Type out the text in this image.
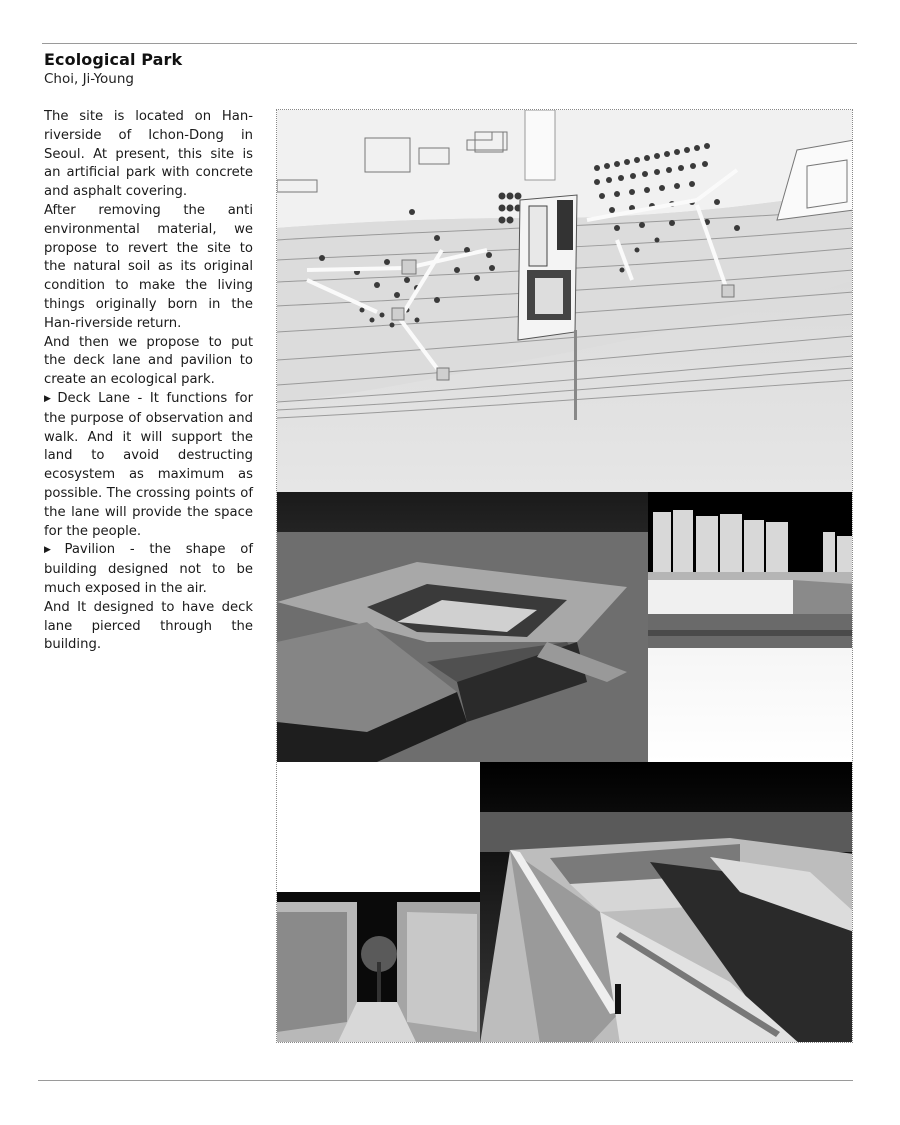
Ecological Park
Choi, Ji-Young

The site is located on Han-riverside of Ichon-Dong in Seoul. At present, this site is an artificial park with concrete and asphalt covering.

After removing the anti environmental material, we propose to revert the site to the natural soil as its original condition to make the living things originally born in the Han-riverside return.

And then we propose to put the deck lane and pavilion to create an ecological park.

▶ Deck Lane - It functions for the purpose of observation and walk. And it will support the land to avoid destructing ecosystem as maximum as possible. The crossing points of the lane will provide the space for the people.

▶ Pavilion - the shape of building designed not to be much exposed in the air.

And It designed to have deck lane pierced through the building.
